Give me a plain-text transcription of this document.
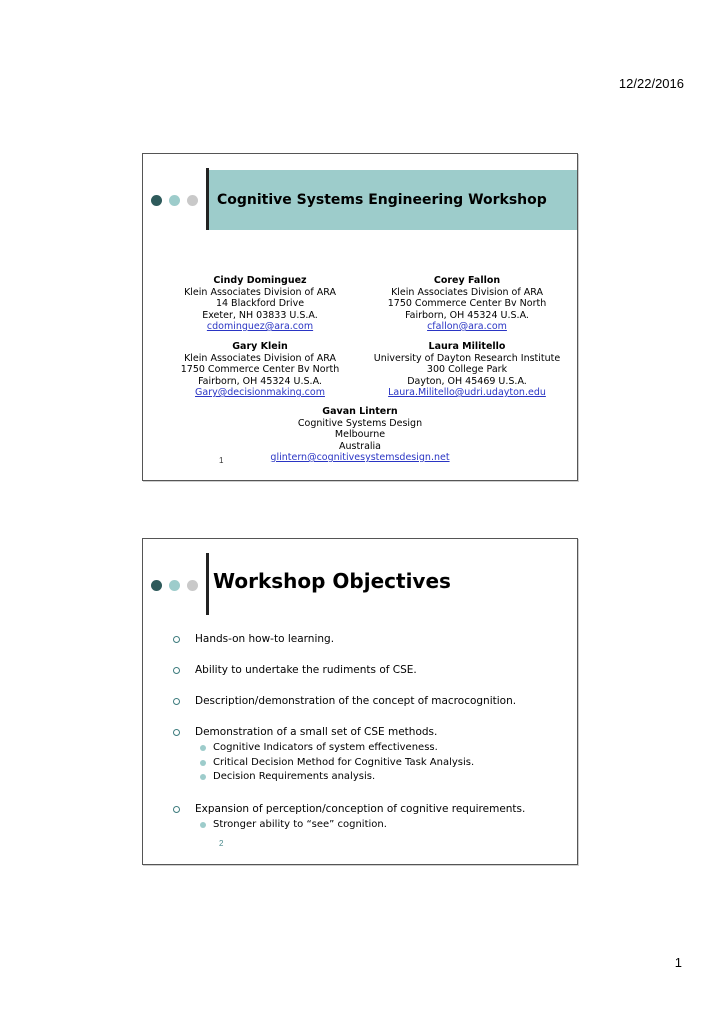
12/22/2016
Cognitive Systems Engineering Workshop
Cindy Dominguez
Klein Associates Division of ARA
14 Blackford Drive
Exeter, NH 03833 U.S.A.
cdominguez@ara.com
Corey Fallon
Klein Associates Division of ARA
1750 Commerce Center Bv North
Fairborn, OH 45324 U.S.A.
cfallon@ara.com
Gary Klein
Klein Associates Division of ARA
1750 Commerce Center Bv North
Fairborn, OH 45324 U.S.A.
Gary@decisionmaking.com
Laura Militello
University of Dayton Research Institute
300 College Park
Dayton, OH 45469 U.S.A.
Laura.Militello@udri.udayton.edu
Gavan Lintern
Cognitive Systems Design
Melbourne
Australia
glintern@cognitivesystemsdesign.net
1
Workshop Objectives
Hands-on how-to learning.
Ability to undertake the rudiments of CSE.
Description/demonstration of the concept of macrocognition.
Demonstration of a small set of CSE methods.
Cognitive Indicators of system effectiveness.
Critical Decision Method for Cognitive Task Analysis.
Decision Requirements analysis.
Expansion of perception/conception of cognitive requirements.
Stronger ability to “see” cognition.
2
1
